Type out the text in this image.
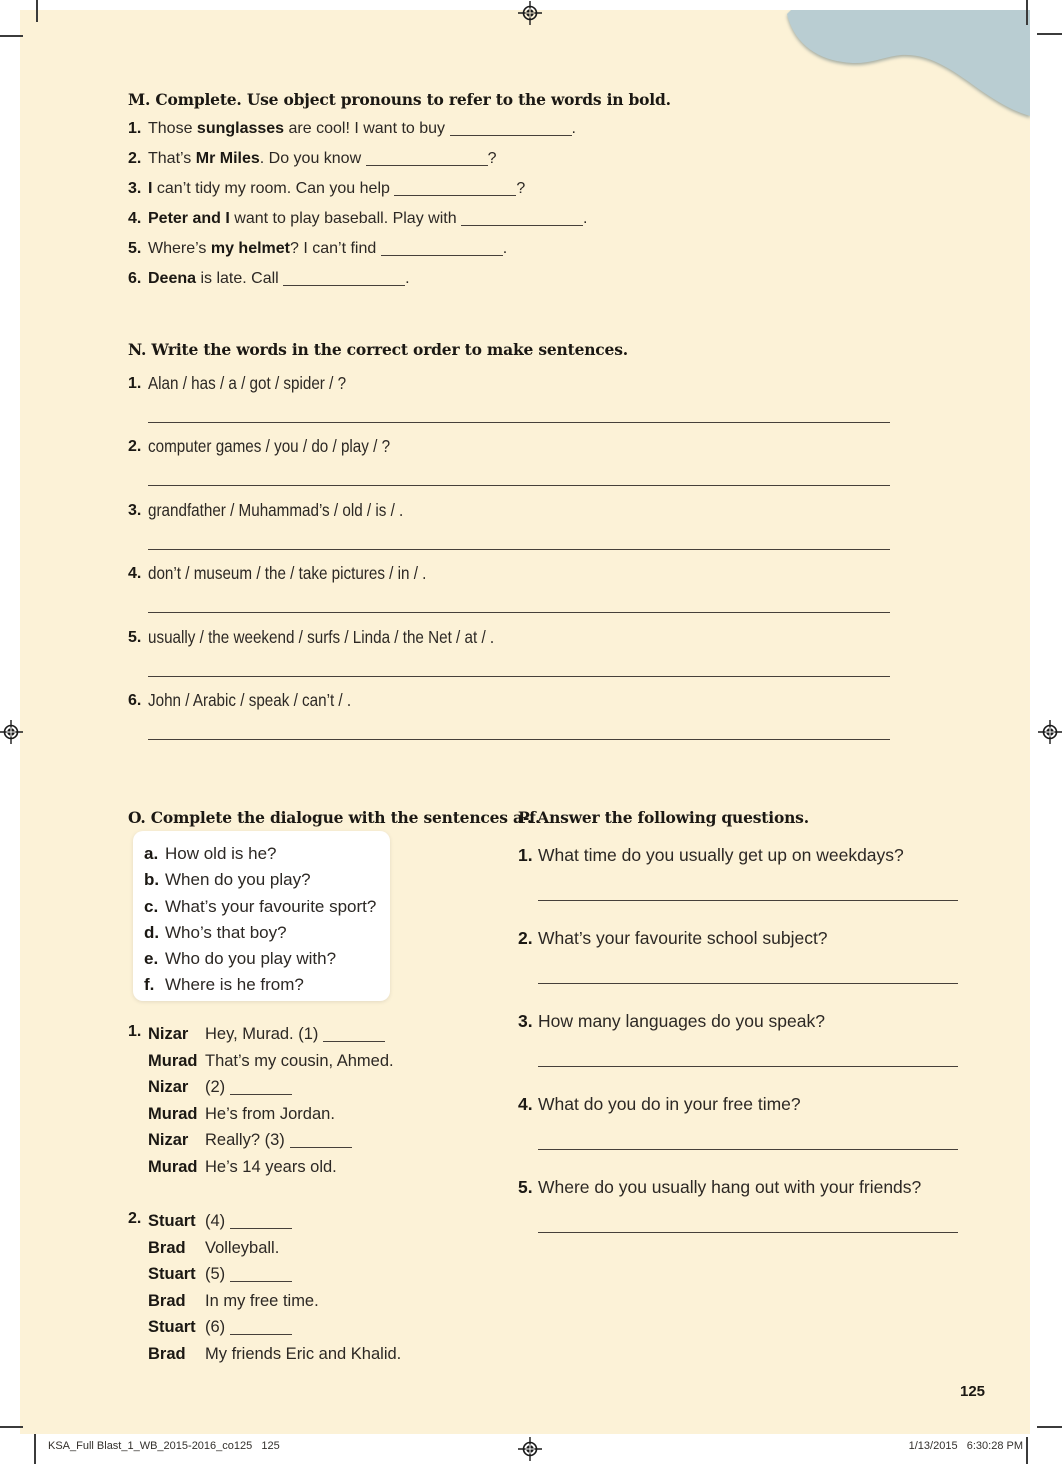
M. Complete. Use object pronouns to refer to the words in bold.
1. Those sunglasses are cool! I want to buy	.
2. That’s Mr Miles. Do you know	?
3. I can’t tidy my room. Can you help	?
4. Peter and I want to play baseball. Play with	.
5. Where’s my helmet? I can’t find	.
6. Deena is late. Call	.
N. Write the words in the correct order to make sentences.
1. Alan / has / a / got / spider / ?
2. computer games / you / do / play / ?
3. grandfather / Muhammad’s / old / is / .
4. don’t / museum / the / take pictures / in / .
5. usually / the weekend / surfs / Linda / the Net / at / .
6. John / Arabic / speak / can’t / .
O. Complete the dialogue with the sentences a-f.
a. How old is he?
b. When do you play?
c. What’s your favourite sport?
d. Who’s that boy?
e. Who do you play with?
f. Where is he from?
1. Nizar Hey, Murad. (1)
Murad That’s my cousin, Ahmed.
Nizar (2)
Murad He’s from Jordan.
Nizar Really? (3)
Murad He’s 14 years old.
2. Stuart (4)
Brad Volleyball.
Stuart (5)
Brad In my free time.
Stuart (6)
Brad My friends Eric and Khalid.
P. Answer the following questions.
1. What time do you usually get up on weekdays?
2. What’s your favourite school subject?
3. How many languages do you speak?
4. What do you do in your free time?
5. Where do you usually hang out with your friends?
125
KSA_Full Blast_1_WB_2015-2016_co125   125	1/13/2015   6:30:28 PM
